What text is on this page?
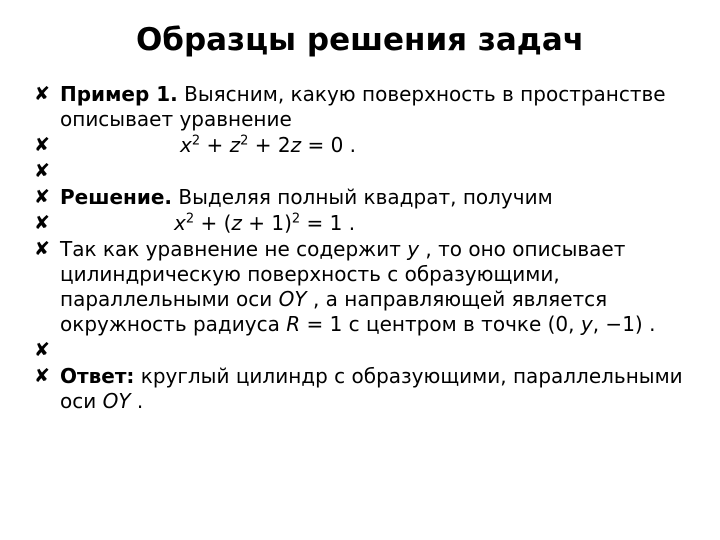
Образцы решения задач
✘ Пример 1. Выясним, какую поверхность в пространстве описывает уравнение
✘	$x^2 + z^2 + 2z = 0$ .
✘

✘ Решение. Выделяя полный квадрат, получим
✘	$x^2 + (z + 1)^2 = 1$ .
✘ Так как уравнение не содержит y , то оно описывает цилиндрическую поверхность с образующими, параллельными оси OY , а направляющей является окружность радиуса R = 1 с центром в точке (0, y, −1) .
✘

✘ Ответ: круглый цилиндр с образующими, параллельными оси OY .
